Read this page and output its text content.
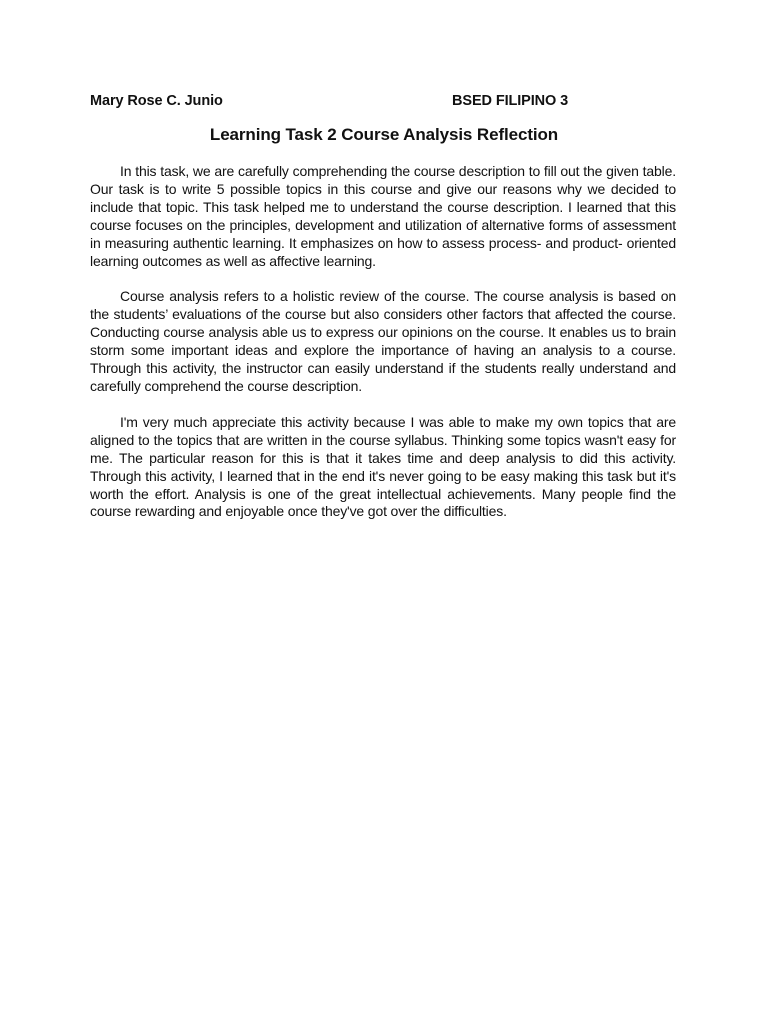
Mary Rose C. Junio	BSED FILIPINO 3
Learning Task 2 Course Analysis Reflection

In this task, we are carefully comprehending the course description to fill out the given table. Our task is to write 5 possible topics in this course and give our reasons why we decided to include that topic. This task helped me to understand the course description. I learned that this course focuses on the principles, development and utilization of alternative forms of assessment in measuring authentic learning. It emphasizes on how to assess process- and product- oriented learning outcomes as well as affective learning.

Course analysis refers to a holistic review of the course. The course analysis is based on the students’ evaluations of the course but also considers other factors that affected the course. Conducting course analysis able us to express our opinions on the course. It enables us to brain storm some important ideas and explore the importance of having an analysis to a course. Through this activity, the instructor can easily understand if the students really understand and carefully comprehend the course description.

I'm very much appreciate this activity because I was able to make my own topics that are aligned to the topics that are written in the course syllabus. Thinking some topics wasn't easy for me. The particular reason for this is that it takes time and deep analysis to did this activity. Through this activity, I learned that in the end it's never going to be easy making this task but it's worth the effort. Analysis is one of the great intellectual achievements. Many people find the course rewarding and enjoyable once they've got over the difficulties.
